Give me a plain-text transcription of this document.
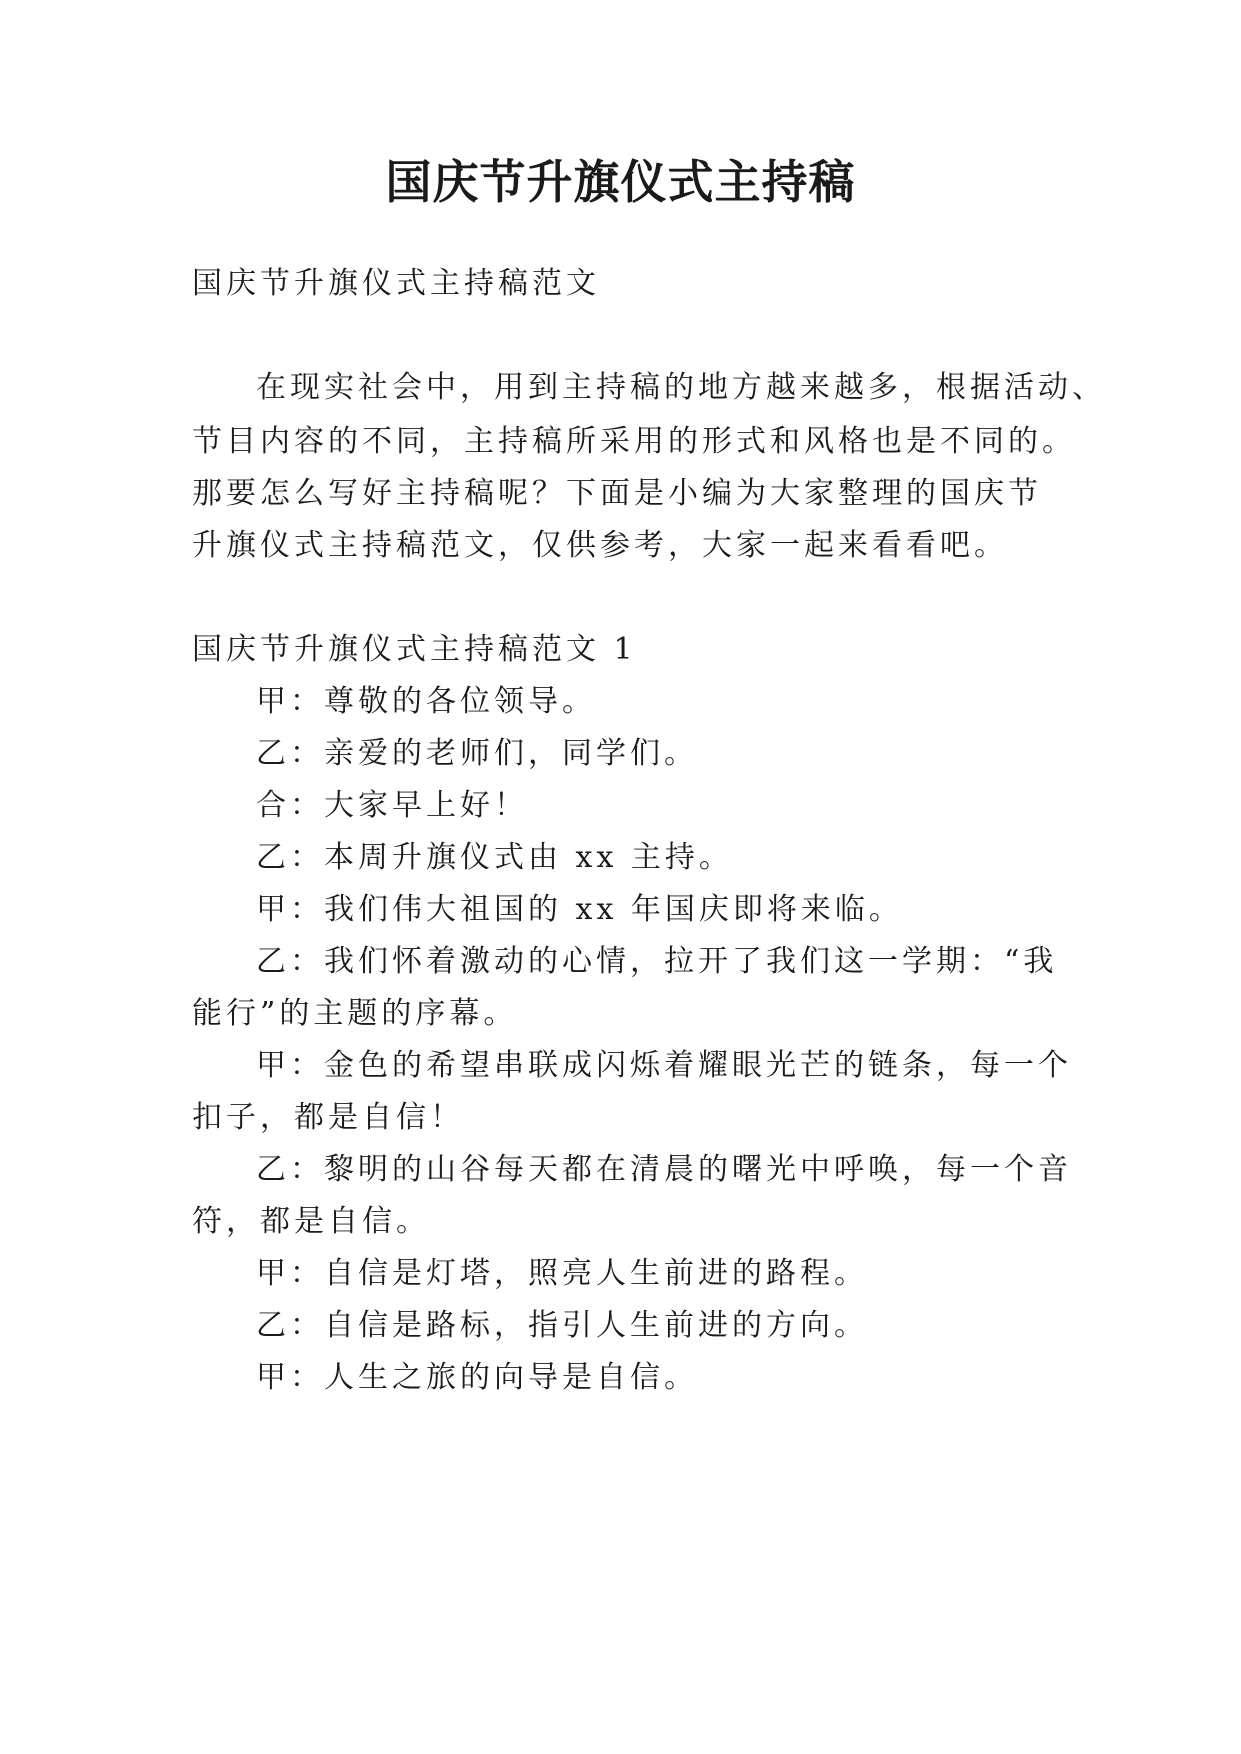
国庆节升旗仪式主持稿
国庆节升旗仪式主持稿范文
在现实社会中，用到主持稿的地方越来越多，根据活动、
节目内容的不同，主持稿所采用的形式和风格也是不同的。
那要怎么写好主持稿呢？下面是小编为大家整理的国庆节
升旗仪式主持稿范文，仅供参考，大家一起来看看吧。
国庆节升旗仪式主持稿范文 1
甲：尊敬的各位领导。
乙：亲爱的老师们，同学们。
合：大家早上好！
乙：本周升旗仪式由 xx 主持。
甲：我们伟大祖国的 xx 年国庆即将来临。
乙：我们怀着激动的心情，拉开了我们这一学期：“我
能行”的主题的序幕。
甲：金色的希望串联成闪烁着耀眼光芒的链条，每一个
扣子，都是自信！
乙：黎明的山谷每天都在清晨的曙光中呼唤，每一个音
符，都是自信。
甲：自信是灯塔，照亮人生前进的路程。
乙：自信是路标，指引人生前进的方向。
甲：人生之旅的向导是自信。
